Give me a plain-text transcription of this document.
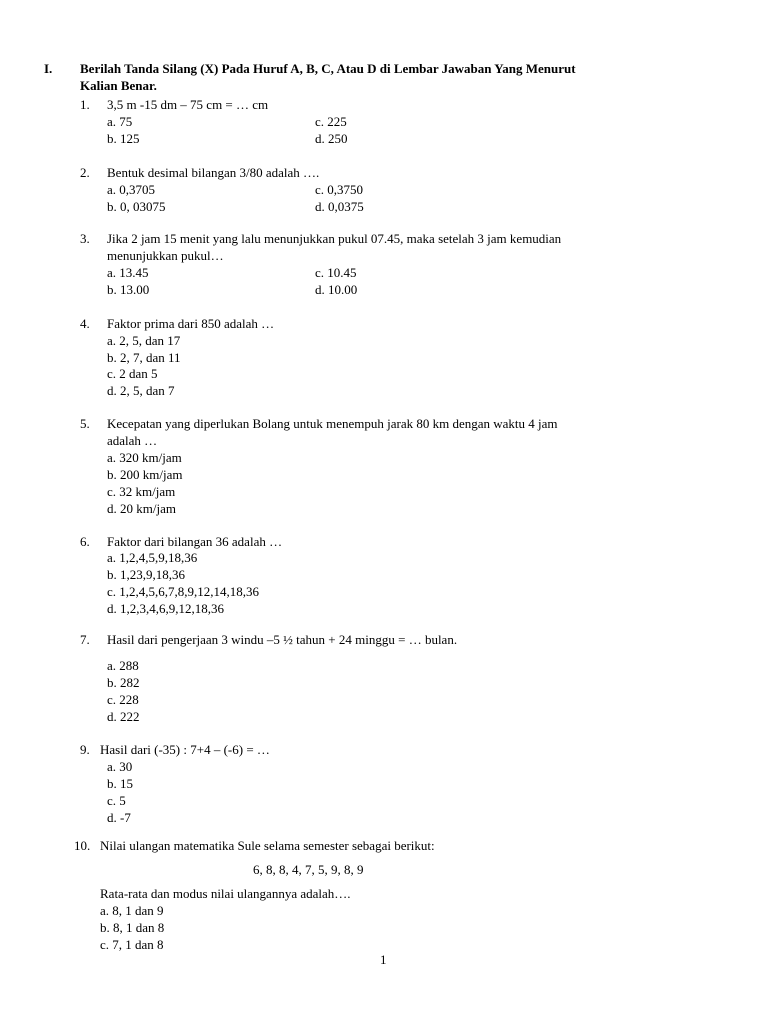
I. Berilah Tanda Silang (X) Pada Huruf A, B, C, Atau D di Lembar Jawaban Yang Menurut
Kalian Benar.
1. 3,5 m -15 dm – 75 cm = … cm
a. 75
b. 125
c. 225
d. 250
2. Bentuk desimal bilangan 3/80 adalah ….
a. 0,3705
b. 0, 03075
c. 0,3750
d. 0,0375
3. Jika 2 jam 15 menit yang lalu menunjukkan pukul 07.45, maka setelah 3 jam kemudian
menunjukkan pukul…
a. 13.45
b. 13.00
c. 10.45
d. 10.00
4. Faktor prima dari 850 adalah …
a. 2, 5, dan 17
b. 2, 7, dan 11
c. 2 dan 5
d. 2, 5, dan 7
5. Kecepatan yang diperlukan Bolang untuk menempuh jarak 80 km dengan waktu 4 jam
adalah …
a. 320 km/jam
b. 200 km/jam
c. 32 km/jam
d. 20 km/jam
6. Faktor dari bilangan 36 adalah …
a. 1,2,4,5,9,18,36
b. 1,23,9,18,36
c. 1,2,4,5,6,7,8,9,12,14,18,36
d. 1,2,3,4,6,9,12,18,36
7. Hasil dari pengerjaan 3 windu –5 ½ tahun + 24 minggu = … bulan.
a. 288
b. 282
c. 228
d. 222
9. Hasil dari (-35) : 7+4 – (-6) = …
a. 30
b. 15
c. 5
d. -7
10. Nilai ulangan matematika Sule selama semester sebagai berikut:
6, 8, 8, 4, 7, 5, 9, 8, 9
Rata-rata dan modus nilai ulangannya adalah….
a. 8, 1 dan 9
b. 8, 1 dan 8
c. 7, 1 dan 8
1
